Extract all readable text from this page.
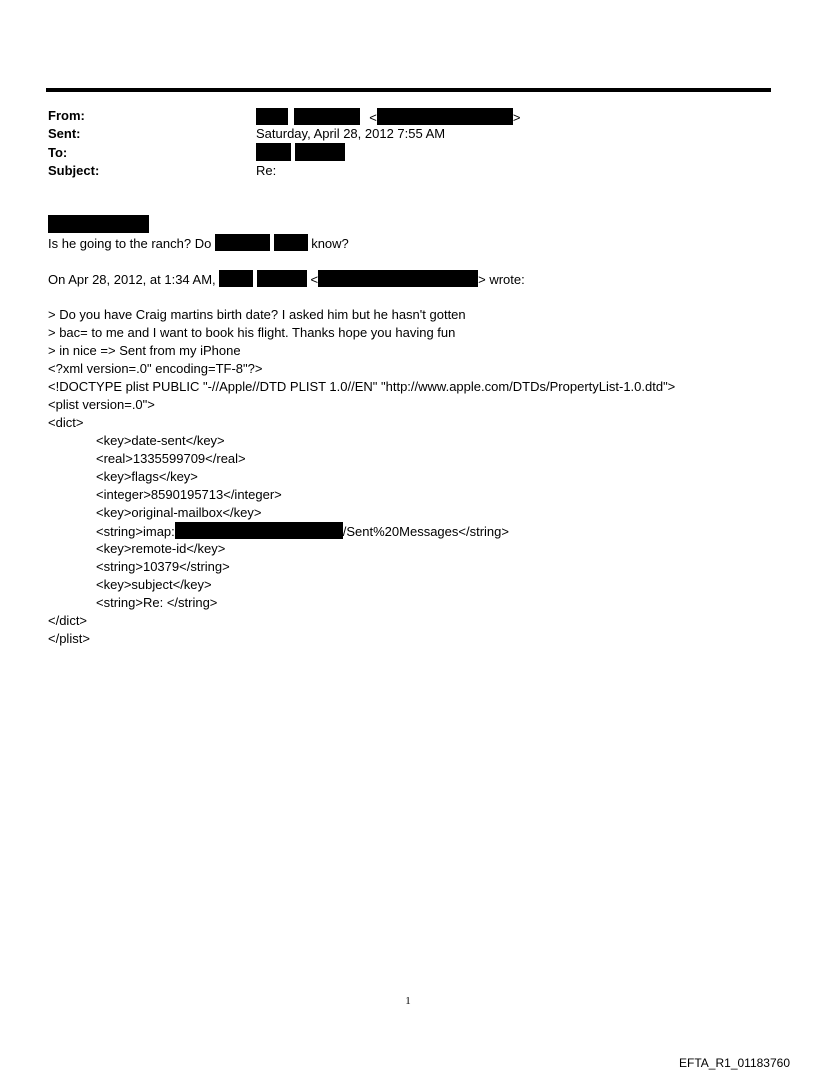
From:	<	>
Sent:	Saturday, April 28, 2012 7:55 AM
To:
Subject:	Re:
Is he going to the ranch? Do	know?
On Apr 28, 2012, at 1:34 AM,	<	> wrote:
> Do you have Craig martins birth date? I asked him but he hasn't gotten
> bac= to me and I want to book his flight. Thanks hope you having fun
> in nice => Sent from my iPhone
<?xml version=.0" encoding=TF-8"?>
<!DOCTYPE plist PUBLIC "-//Apple//DTD PLIST 1.0//EN" "http://www.apple.com/DTDs/PropertyList-1.0.dtd">
<plist version=.0">
<dict>
<key>date-sent</key>
<real>1335599709</real>
<key>flags</key>
<integer>8590195713</integer>
<key>original-mailbox</key>
<string>imap:	/Sent%20Messages</string>
<key>remote-id</key>
<string>10379</string>
<key>subject</key>
<string>Re: </string>
</dict>
</plist>
1
EFTA_R1_01183760
